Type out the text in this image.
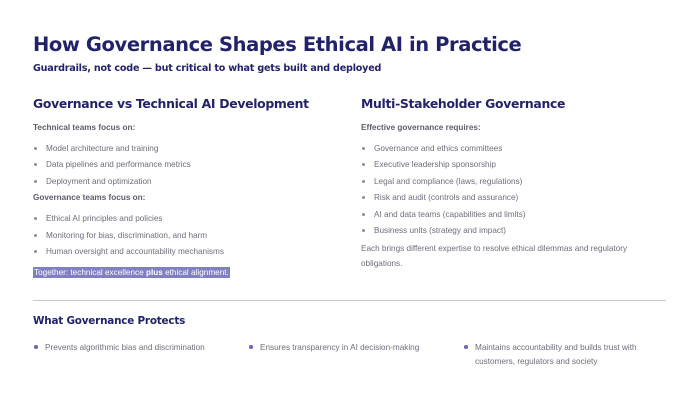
How Governance Shapes Ethical AI in Practice
Guardrails, not code — but critical to what gets built and deployed
Governance vs Technical AI Development
Technical teams focus on:
Model architecture and training
Data pipelines and performance metrics
Deployment and optimization
Governance teams focus on:
Ethical AI principles and policies
Monitoring for bias, discrimination, and harm
Human oversight and accountability mechanisms
Together: technical excellence plus ethical alignment.
Multi-Stakeholder Governance
Effective governance requires:
Governance and ethics committees
Executive leadership sponsorship
Legal and compliance (laws, regulations)
Risk and audit (controls and assurance)
AI and data teams (capabilities and limits)
Business units (strategy and impact)
Each brings different expertise to resolve ethical dilemmas and regulatory obligations.
What Governance Protects
Prevents algorithmic bias and discrimination	Ensures transparency in AI decision-making	Maintains accountability and builds trust with customers, regulators and society
